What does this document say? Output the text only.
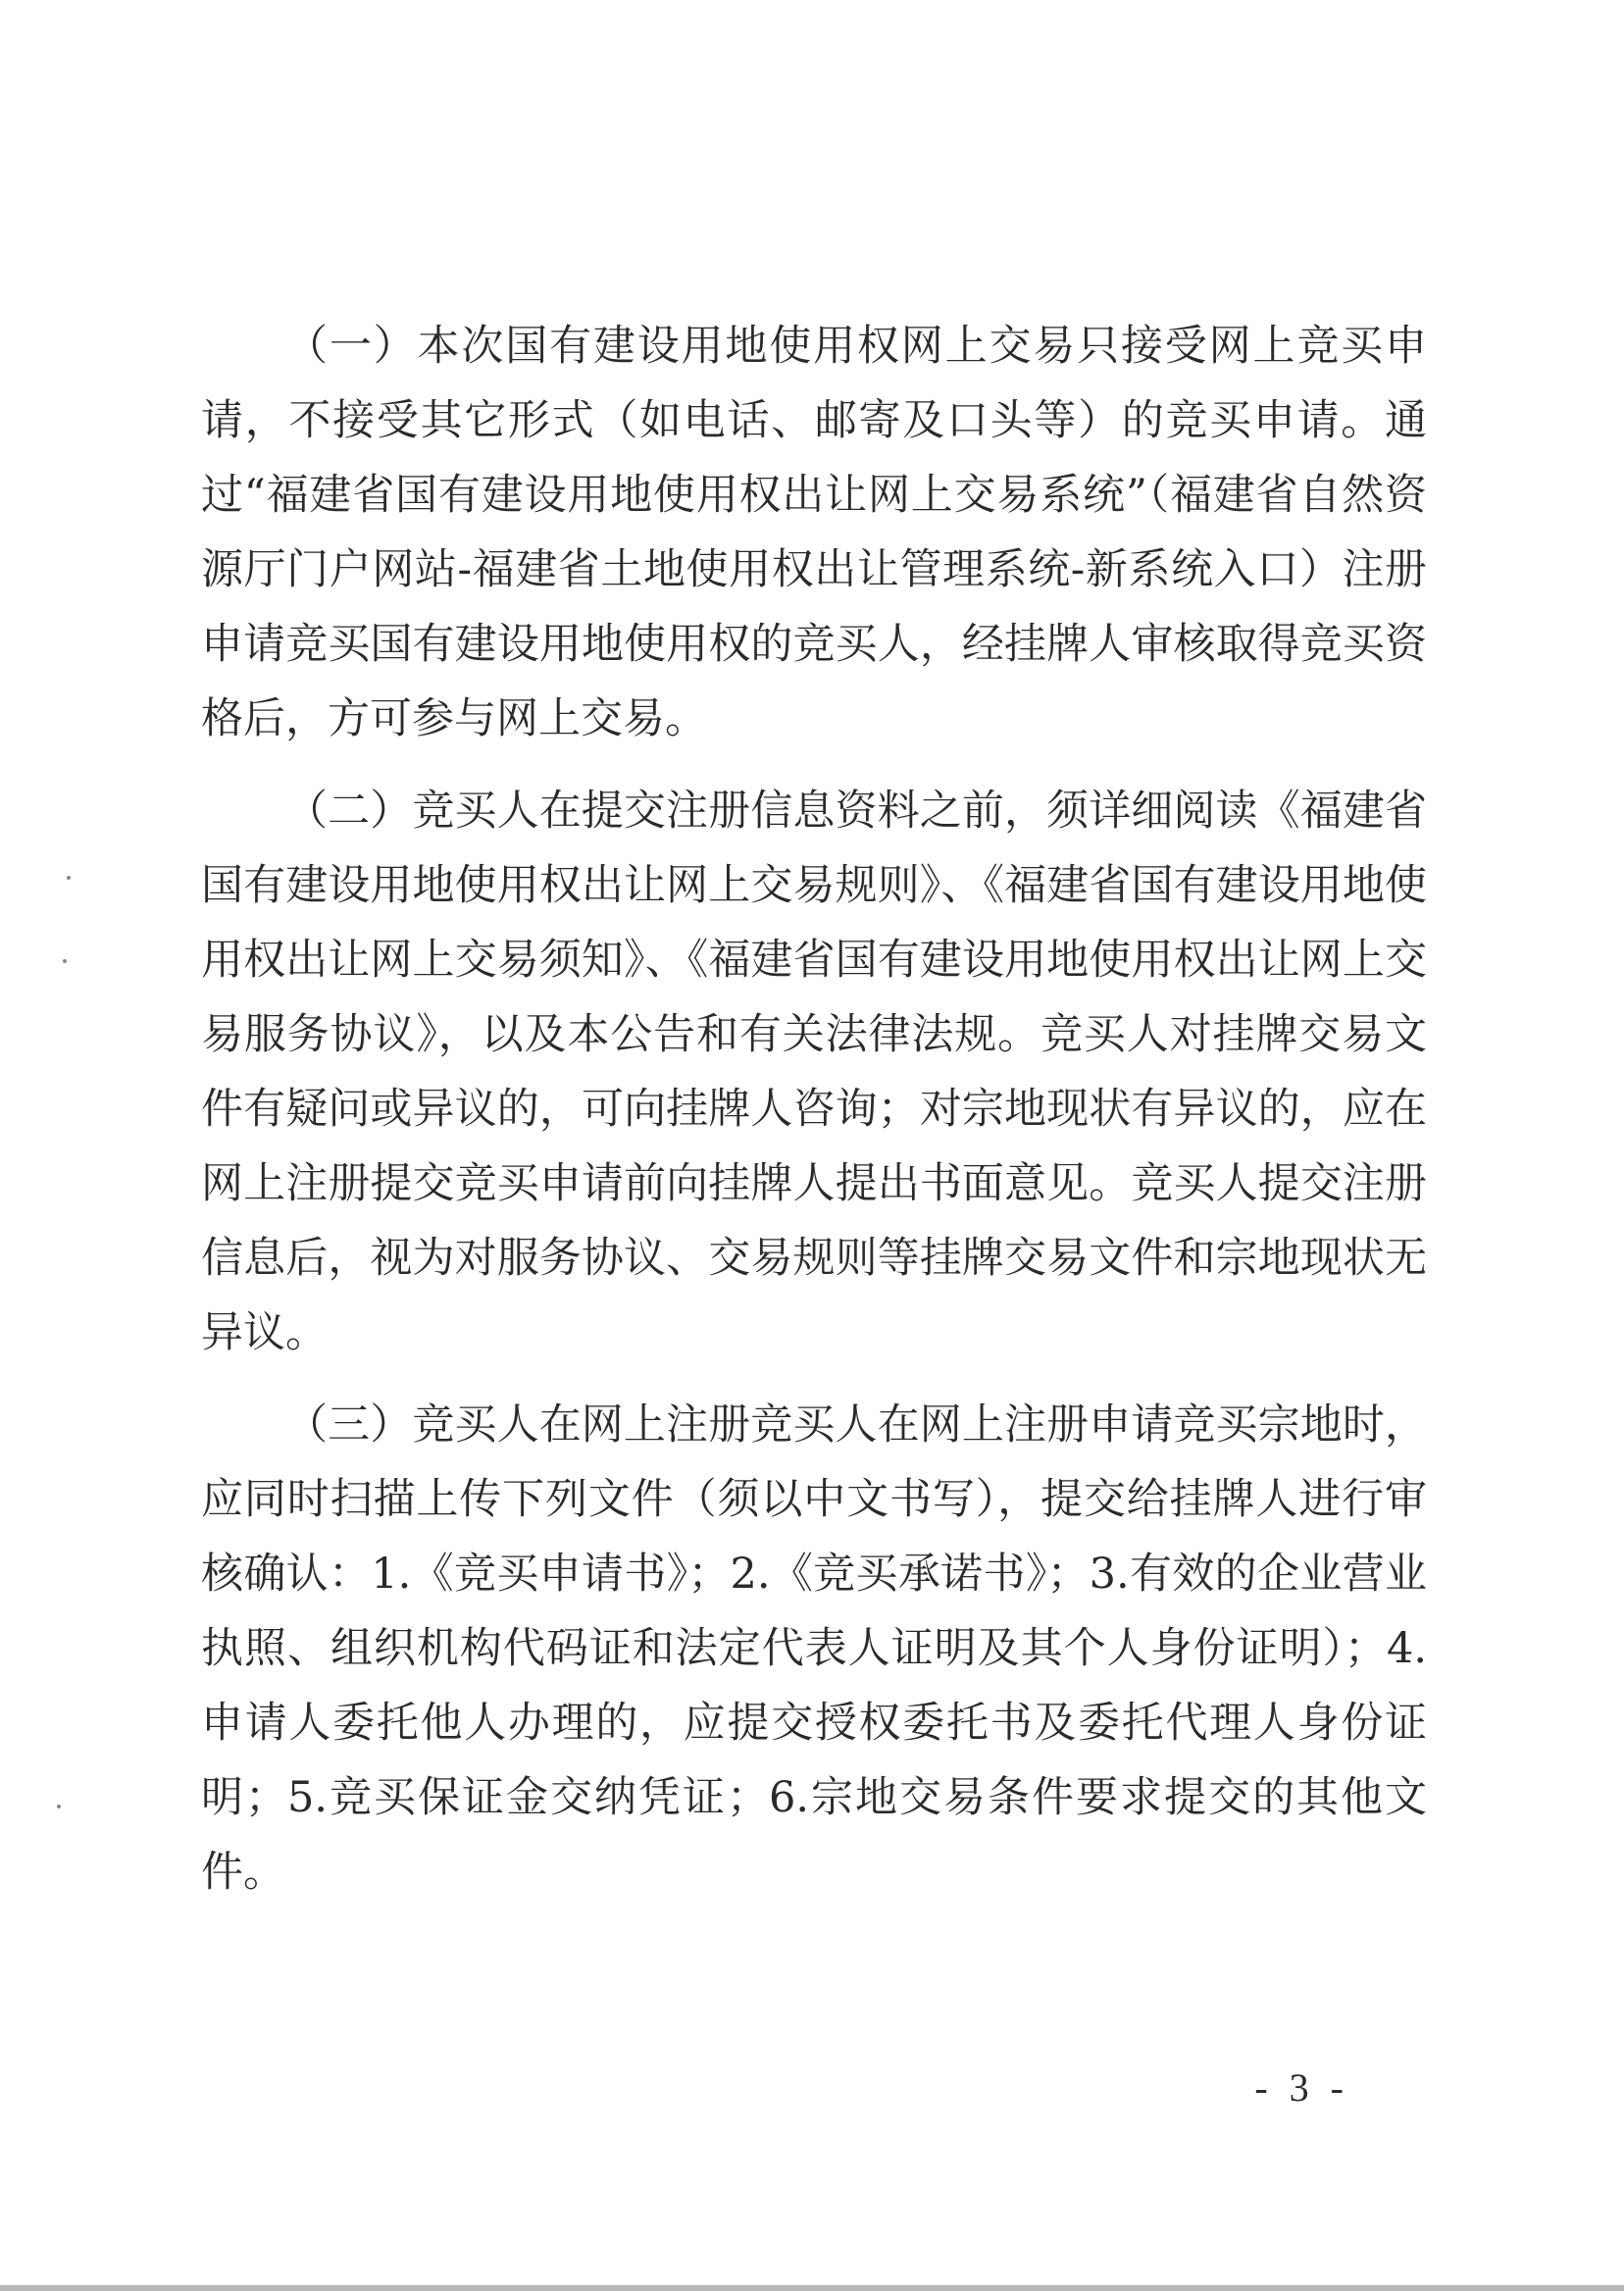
（一）本次国有建设用地使用权网上交易只接受网上竞买申请，不接受其它形式（如电话、邮寄及口头等）的竞买申请。通过“福建省国有建设用地使用权出让网上交易系统”（福建省自然资源厅门户网站-福建省土地使用权出让管理系统-新系统入口）注册申请竞买国有建设用地使用权的竞买人，经挂牌人审核取得竞买资格后，方可参与网上交易。

（二）竞买人在提交注册信息资料之前，须详细阅读《福建省国有建设用地使用权出让网上交易规则》、《福建省国有建设用地使用权出让网上交易须知》、《福建省国有建设用地使用权出让网上交易服务协议》，以及本公告和有关法律法规。竞买人对挂牌交易文件有疑问或异议的，可向挂牌人咨询；对宗地现状有异议的，应在网上注册提交竞买申请前向挂牌人提出书面意见。竞买人提交注册信息后，视为对服务协议、交易规则等挂牌交易文件和宗地现状无异议。

（三）竞买人在网上注册竞买人在网上注册申请竞买宗地时，应同时扫描上传下列文件（须以中文书写），提交给挂牌人进行审核确认：1.《竞买申请书》；2.《竞买承诺书》；3.有效的企业营业执照、组织机构代码证和法定代表人证明及其个人身份证明）；4.申请人委托他人办理的，应提交授权委托书及委托代理人身份证明；5.竞买保证金交纳凭证；6.宗地交易条件要求提交的其他文件。

- 3 -
